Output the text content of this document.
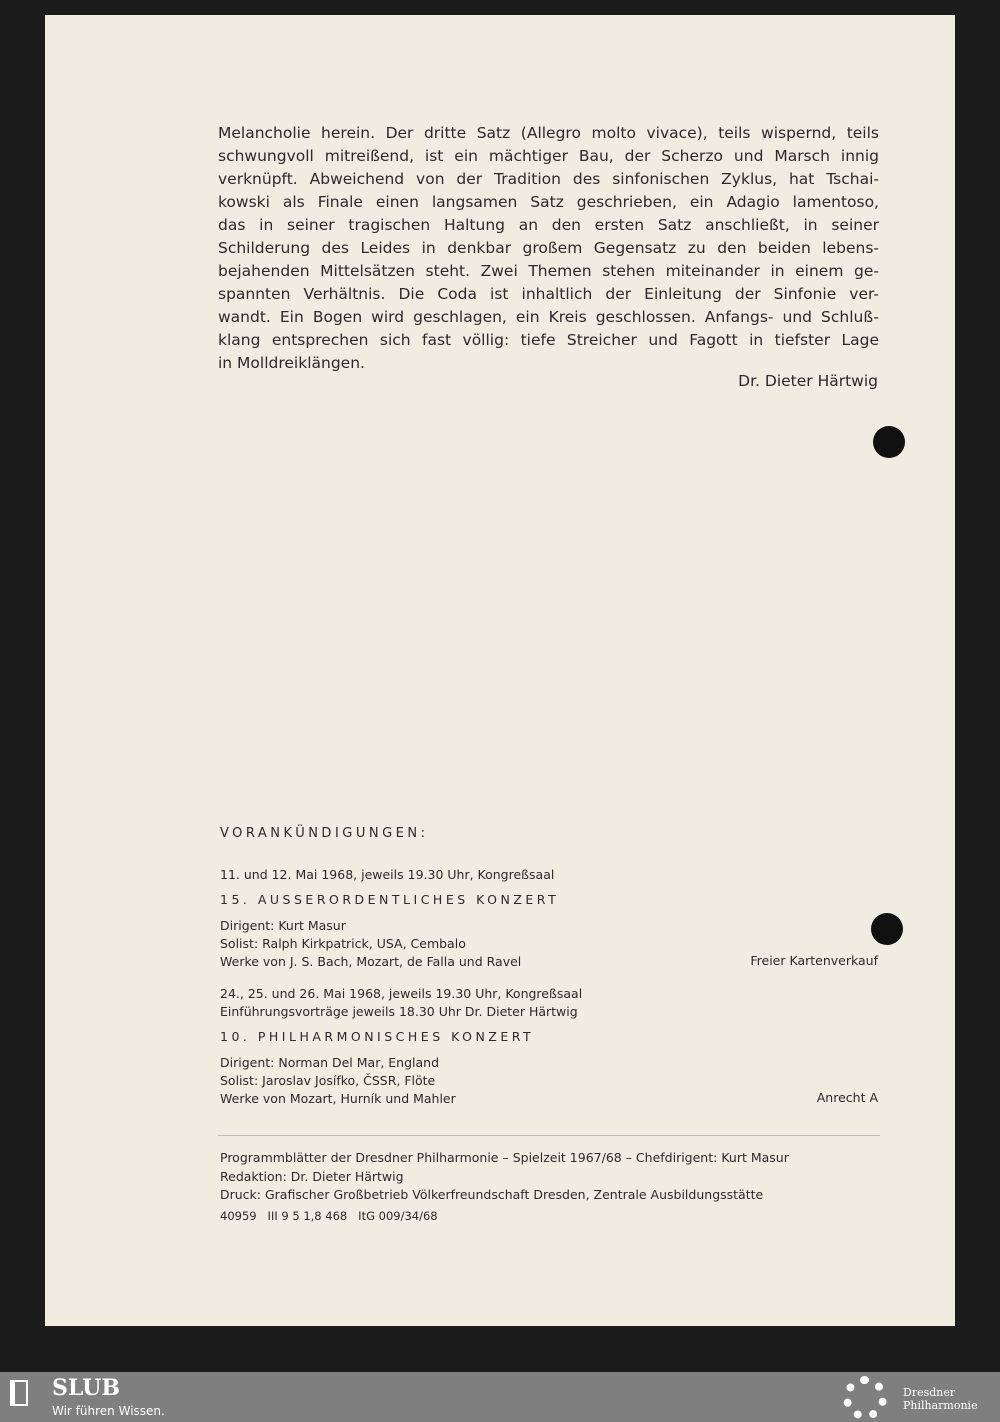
Melancholie herein. Der dritte Satz (Allegro molto vivace), teils wispernd, teils
schwungvoll mitreißend, ist ein mächtiger Bau, der Scherzo und Marsch innig
verknüpft. Abweichend von der Tradition des sinfonischen Zyklus, hat Tschai-
kowski als Finale einen langsamen Satz geschrieben, ein Adagio lamentoso,
das in seiner tragischen Haltung an den ersten Satz anschließt, in seiner
Schilderung des Leides in denkbar großem Gegensatz zu den beiden lebens-
bejahenden Mittelsätzen steht. Zwei Themen stehen miteinander in einem ge-
spannten Verhältnis. Die Coda ist inhaltlich der Einleitung der Sinfonie ver-
wandt. Ein Bogen wird geschlagen, ein Kreis geschlossen. Anfangs- und Schluß-
klang entsprechen sich fast völlig: tiefe Streicher und Fagott in tiefster Lage
in Molldreiklängen.
Dr. Dieter Härtwig
VORANKÜNDIGUNGEN:
11. und 12. Mai 1968, jeweils 19.30 Uhr, Kongreßsaal
15. AUSSERORDENTLICHES KONZERT
Dirigent: Kurt Masur
Solist: Ralph Kirkpatrick, USA, Cembalo
Werke von J. S. Bach, Mozart, de Falla und Ravel	Freier Kartenverkauf
24., 25. und 26. Mai 1968, jeweils 19.30 Uhr, Kongreßsaal
Einführungsvorträge jeweils 18.30 Uhr Dr. Dieter Härtwig
10. PHILHARMONISCHES KONZERT
Dirigent: Norman Del Mar, England
Solist: Jaroslav Josífko, ČSSR, Flöte
Werke von Mozart, Hurník und Mahler	Anrecht A
Programmblätter der Dresdner Philharmonie – Spielzeit 1967/68 – Chefdirigent: Kurt Masur
Redaktion: Dr. Dieter Härtwig
Druck: Grafischer Großbetrieb Völkerfreundschaft Dresden, Zentrale Ausbildungsstätte
40959   III 9 5 1,8 468   ItG 009/34/68
SLUB
Wir führen Wissen.
Dresdner
Philharmonie
